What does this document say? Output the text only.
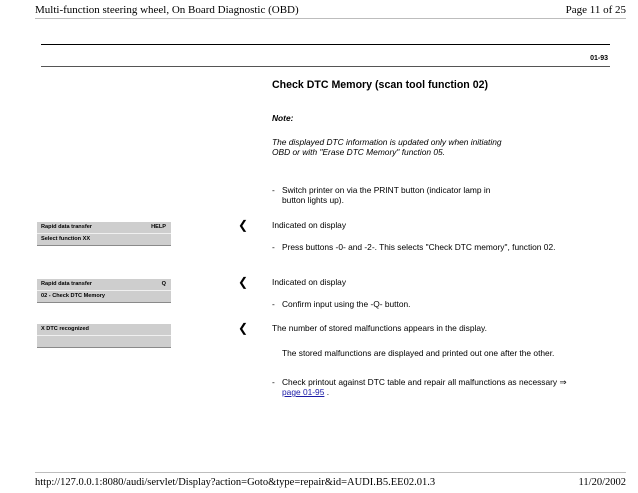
Multi-function steering wheel, On Board Diagnostic (OBD)	Page 11 of 25
01-93
Check DTC Memory (scan tool function 02)
Note:
The displayed DTC information is updated only when initiating OBD or with "Erase DTC Memory" function 05.
- Switch printer on via the PRINT button (indicator lamp in button lights up).
Rapid data transfer	HELP
Select function XX
❮	Indicated on display
- Press buttons -0- and -2-. This selects "Check DTC memory", function 02.
Rapid data transfer	Q
02 - Check DTC Memory
❮	Indicated on display
- Confirm input using the -Q- button.
X DTC recognized	❮	The number of stored malfunctions appears in the display.
The stored malfunctions are displayed and printed out one after the other.
- Check printout against DTC table and repair all malfunctions as necessary ⇒ page 01-95 .
http://127.0.0.1:8080/audi/servlet/Display?action=Goto&type=repair&id=AUDI.B5.EE02.01.3	11/20/2002
